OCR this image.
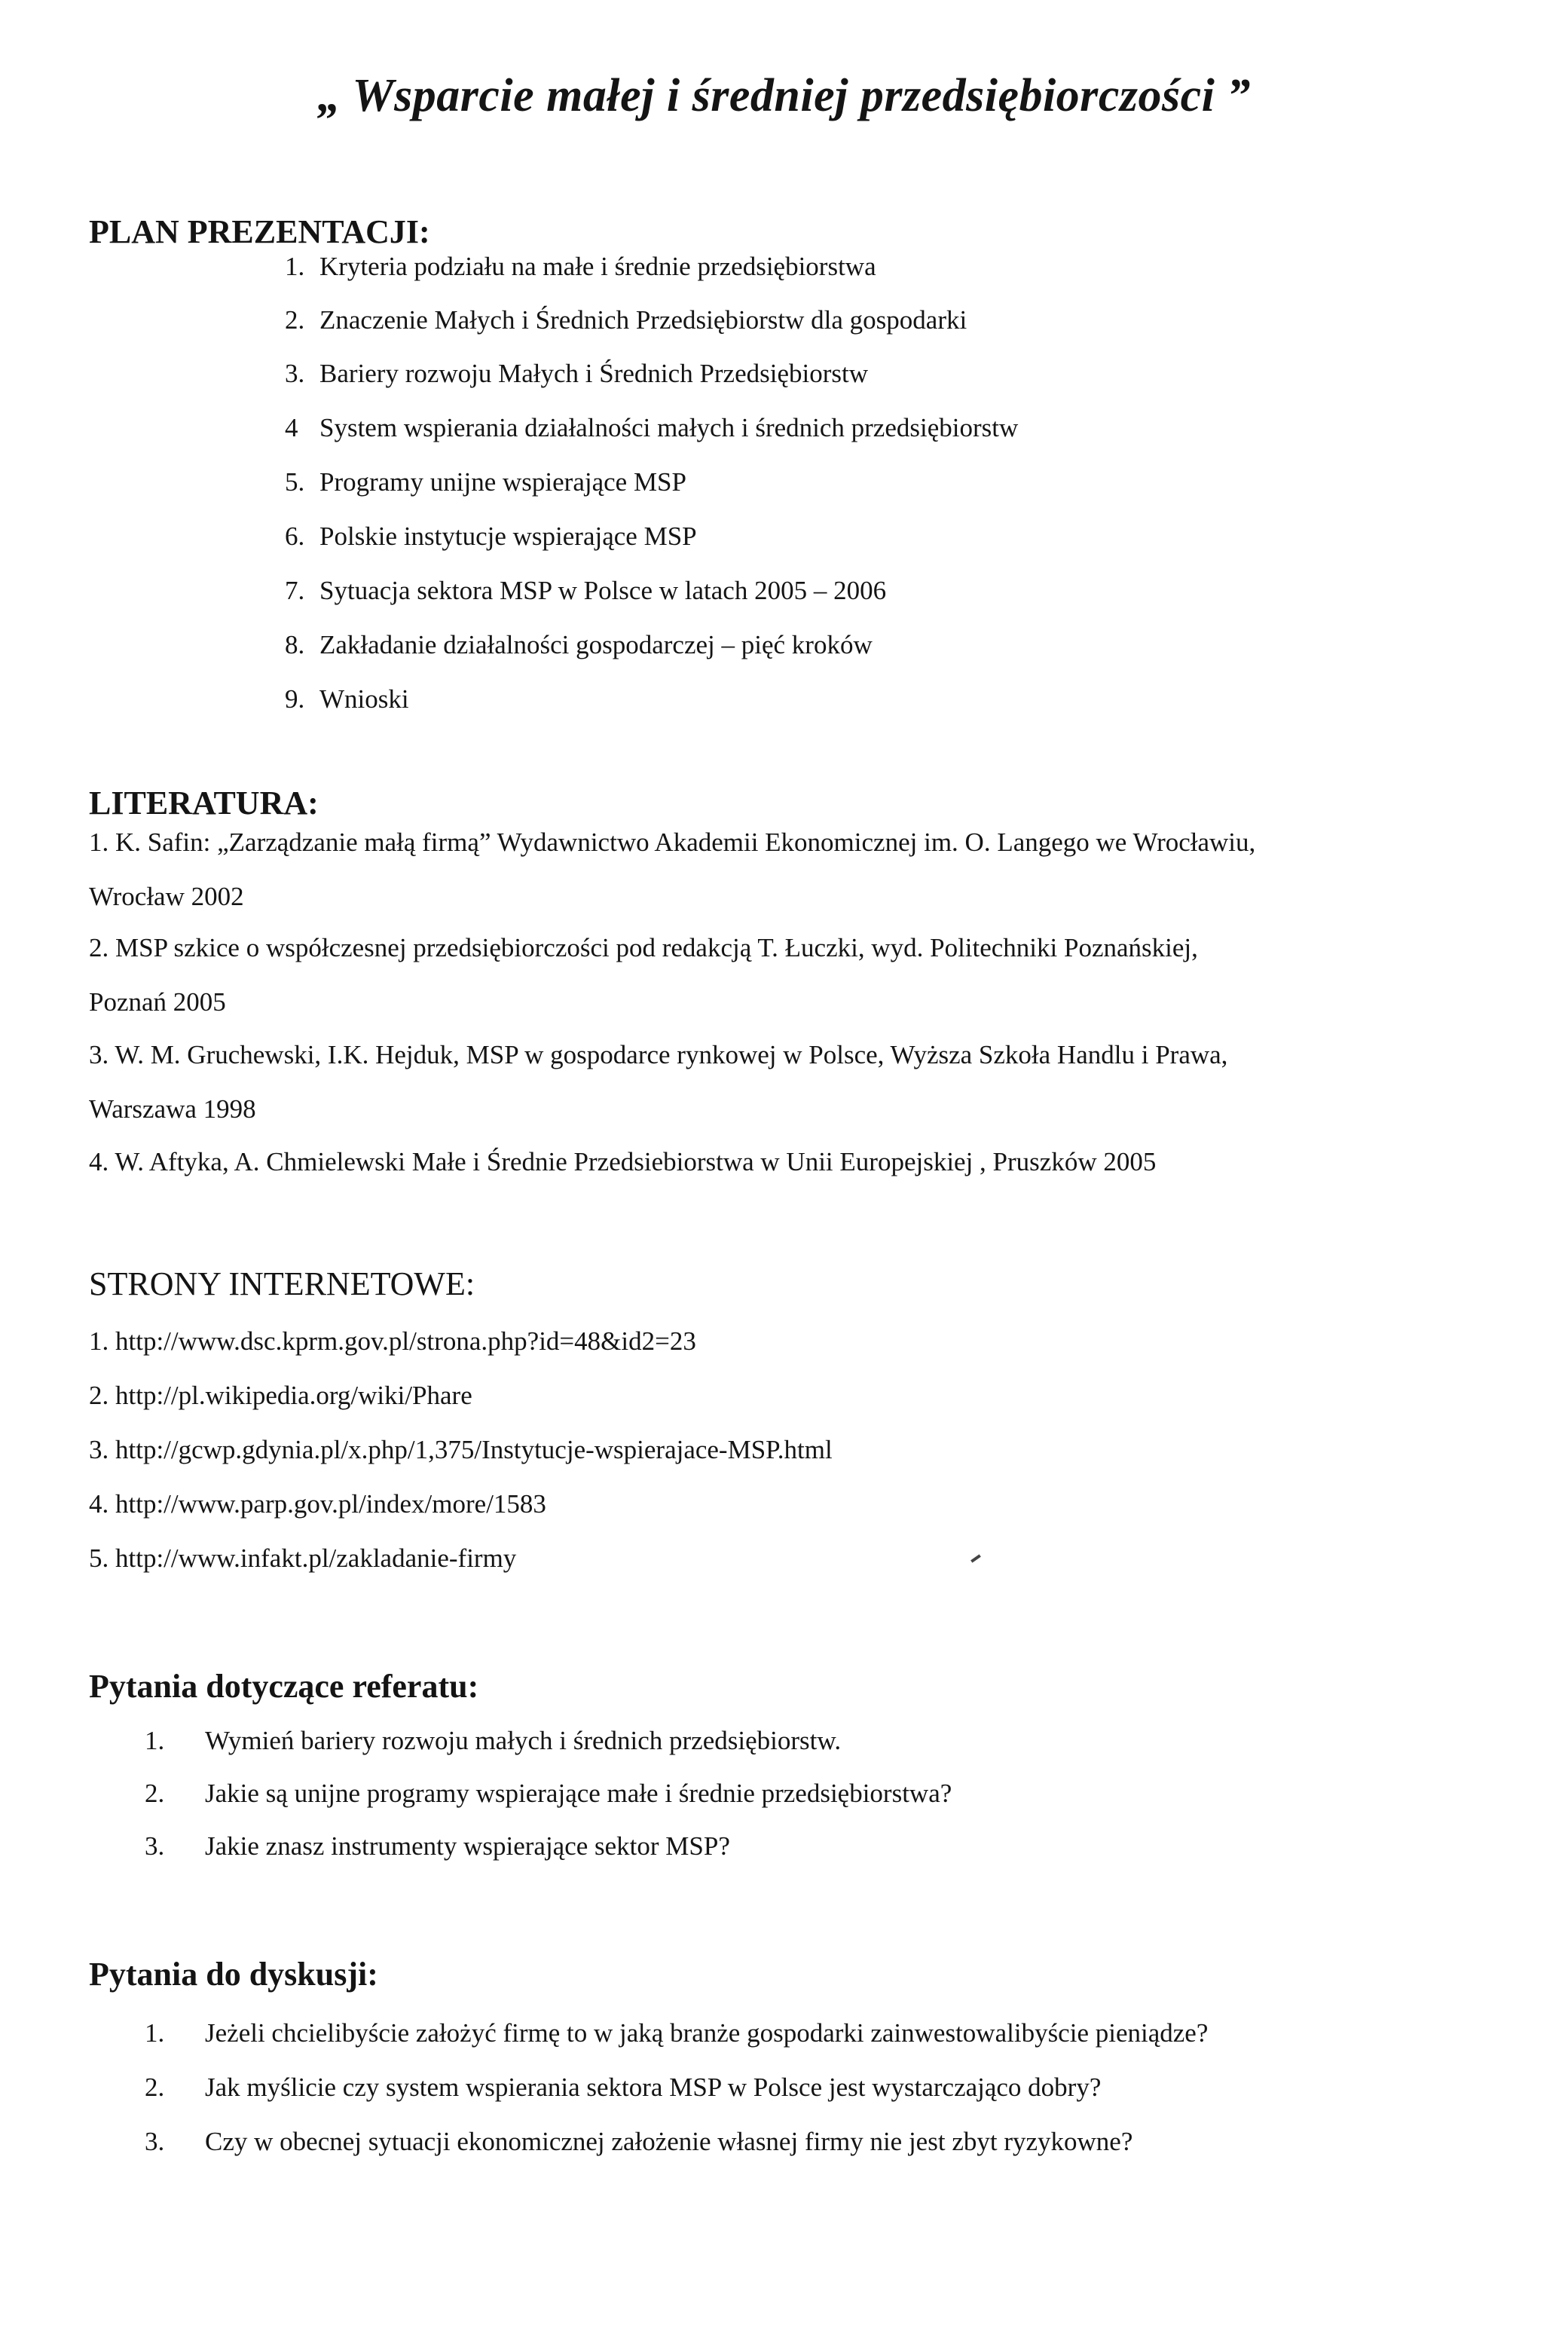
„ Wsparcie małej i średniej przedsiębiorczości ”
PLAN PREZENTACJI:
1. Kryteria podziału na małe i średnie przedsiębiorstwa
2. Znaczenie Małych i Średnich Przedsiębiorstw dla gospodarki
3. Bariery rozwoju Małych i Średnich Przedsiębiorstw
4 System wspierania działalności małych i średnich przedsiębiorstw
5. Programy unijne wspierające MSP
6. Polskie instytucje wspierające MSP
7. Sytuacja sektora MSP w Polsce w latach 2005 – 2006
8. Zakładanie działalności gospodarczej – pięć kroków
9. Wnioski
LITERATURA:
1. K. Safin: „Zarządzanie małą firmą” Wydawnictwo Akademii Ekonomicznej im. O. Langego we Wrocławiu,
Wrocław 2002
2. MSP szkice o współczesnej przedsiębiorczości pod redakcją T. Łuczki, wyd. Politechniki Poznańskiej,
Poznań 2005
3. W. M. Gruchewski, I.K. Hejduk, MSP w gospodarce rynkowej w Polsce, Wyższa Szkoła Handlu i Prawa,
Warszawa 1998
4. W. Aftyka, A. Chmielewski Małe i Średnie Przedsiebiorstwa w Unii Europejskiej , Pruszków 2005
STRONY INTERNETOWE:
1. http://www.dsc.kprm.gov.pl/strona.php?id=48&id2=23
2. http://pl.wikipedia.org/wiki/Phare
3. http://gcwp.gdynia.pl/x.php/1,375/Instytucje-wspierajace-MSP.html
4. http://www.parp.gov.pl/index/more/1583
5. http://www.infakt.pl/zakladanie-firmy
Pytania dotyczące referatu:
1. Wymień bariery rozwoju małych i średnich przedsiębiorstw.
2. Jakie są unijne programy wspierające małe i średnie przedsiębiorstwa?
3. Jakie znasz instrumenty wspierające sektor MSP?
Pytania do dyskusji:
1. Jeżeli chcielibyście założyć firmę to w jaką branże gospodarki zainwestowalibyście pieniądze?
2. Jak myślicie czy system wspierania sektora MSP w Polsce jest wystarczająco dobry?
3. Czy w obecnej sytuacji ekonomicznej założenie własnej firmy nie jest zbyt ryzykowne?
